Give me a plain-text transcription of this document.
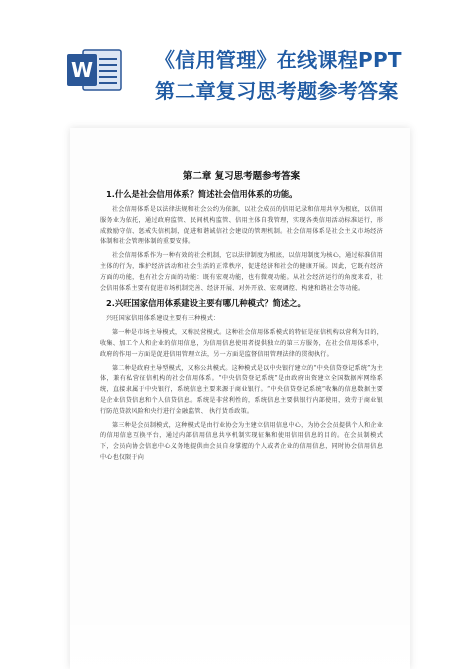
W	《信用管理》在线课程PPT
第二章复习思考题参考答案
第二章 复习思考题参考答案
1.什么是社会信用体系？简述社会信用体系的功能。

社会信用体系是以法律法规和社会公约为依据，以社会成员的信用记录和信用共享为根底，以信用服务业为依托，通过政府监管、民间机构监管、信用主体自我管理，实现各类信用活动标准运行，形成敦励守信、惩戒失信机制，促进和谐诚信社会建设的管理机制。社会信用体系是社会主义市场经济体制和社会管理体制的重要安排。

社会信用体系作为一种有效的社会机制，它以法律制度为根底，以信用制度为核心，通过标准信用主体的行为，维护经济活动和社会生活的正常秩序，促进经济和社会的健康开展。因此，它既有经济方面的功能，也有社会方面的功能：既有宏观功能，也有微观功能。从社会经济运行的角度来看，社会信用体系主要有促进市场机制完善、经济开展、对外开放、宏观调控、构建和谐社会等功能。

2.兴旺国家信用体系建设主要有哪几种模式？简述之。

兴旺国家信用体系建设主要有三种模式：

第一种是市场主导模式，又称民营模式。这种社会信用体系模式的特征是征信机构以营利为目的，收集、加工个人和企业的信用信息，为信用信息使用者提供独立的第三方服务，在社会信用体系中，政府的作用一方面是促进信用管理立法，另一方面是监督信用管理法律的贯彻执行。

第二种是政府主导型模式，又称公共模式。这种模式是以中央银行建立的“中央信贷登记系统”为主体，兼有私营征信机构的社会信用体系。“中央信贷登记系统”是由政府出资建立全国数据库网络系统，直接隶属于中央银行，系统信息主要来源于商业银行。“中央信贷登记系统”收集的信息数据主要是企业信贷信息和个人信贷信息。系统是非营利性的，系统信息主要供银行内部使用，效劳于商业银行防范贷款风险和央行进行金融监管、 执行货币政策。

第三种是会员制模式，这种模式是由行业协会为主建立信用信息中心，为协会会员提供个人和企业的信用信息互换平台，通过内部信用信息共享机制实现征集和使用信用信息的目的。在会员制模式下，会员向协会信息中心义务地提供由会员自身掌握的个人或者企业的信用信息，同时协会信用信息中心也仅限于向
